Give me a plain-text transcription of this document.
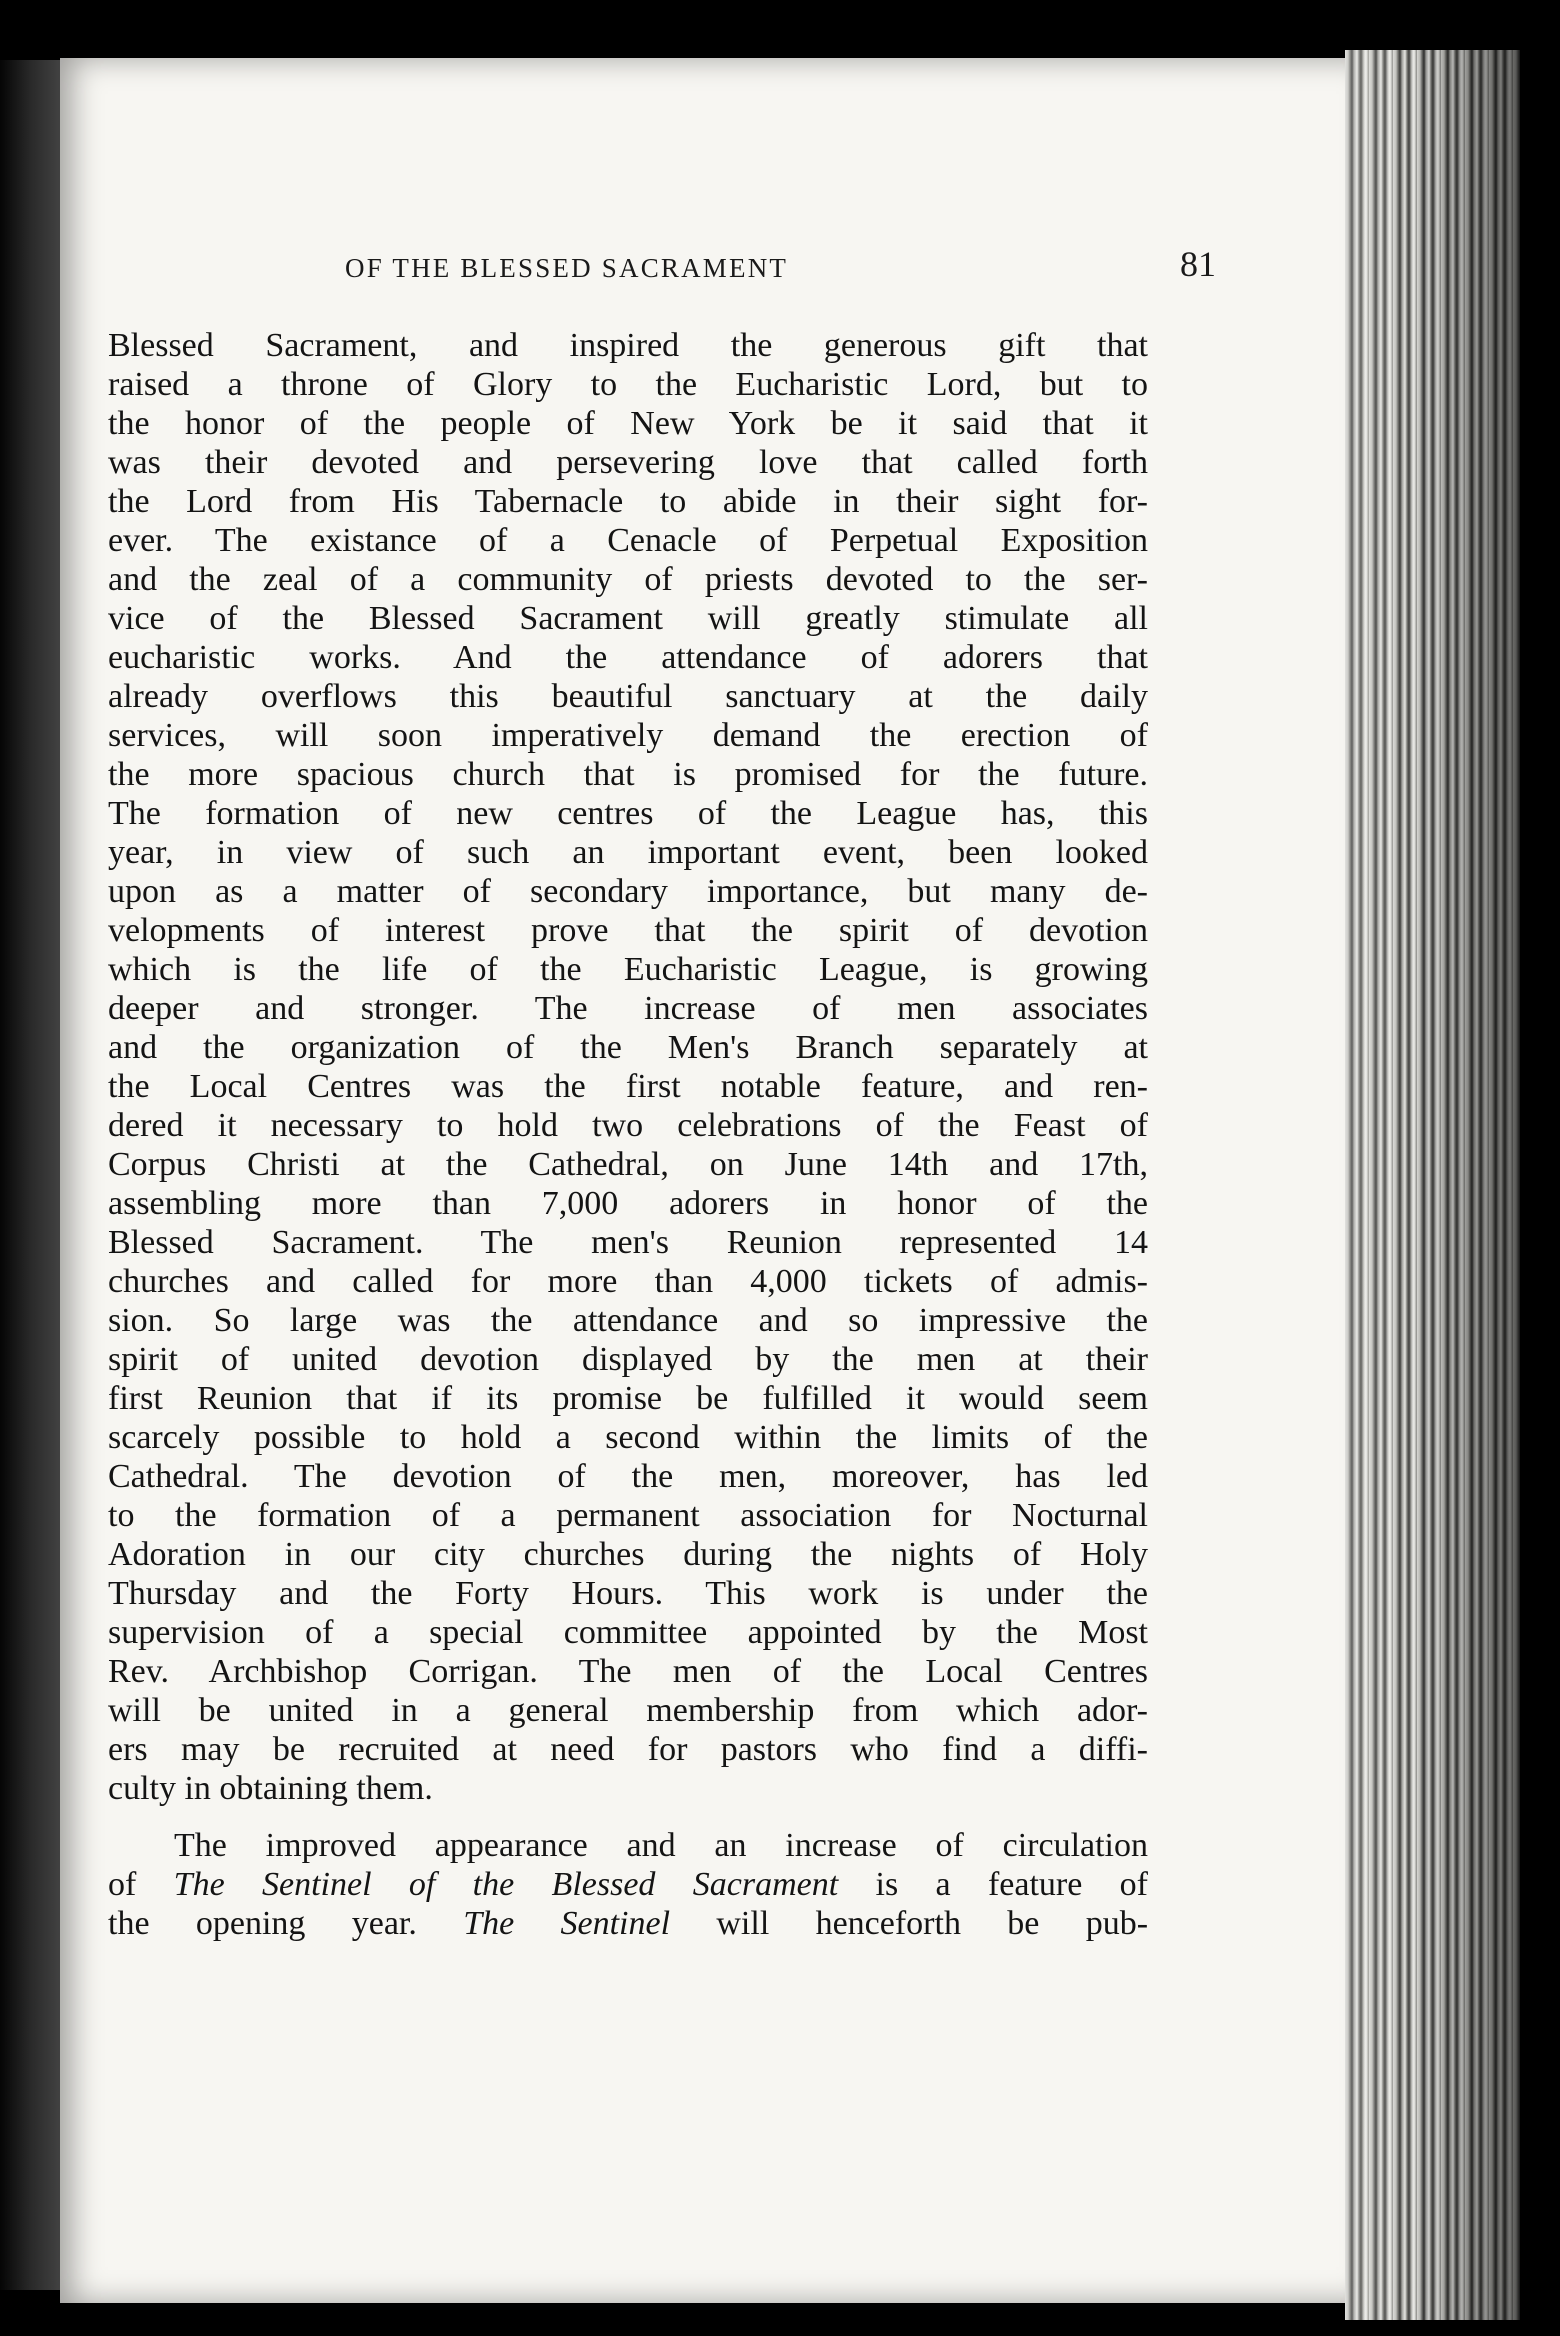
OF THE BLESSED SACRAMENT	81
Blessed Sacrament, and inspired the generous gift that
raised a throne of Glory to the Eucharistic Lord, but to
the honor of the people of New York be it said that it
was their devoted and persevering love that called forth
the Lord from His Tabernacle to abide in their sight for-
ever. The existance of a Cenacle of Perpetual Exposition
and the zeal of a community of priests devoted to the ser-
vice of the Blessed Sacrament will greatly stimulate all
eucharistic works. And the attendance of adorers that
already overflows this beautiful sanctuary at the daily
services, will soon imperatively demand the erection of
the more spacious church that is promised for the future.
The formation of new centres of the League has, this
year, in view of such an important event, been looked
upon as a matter of secondary importance, but many de-
velopments of interest prove that the spirit of devotion
which is the life of the Eucharistic League, is growing
deeper and stronger. The increase of men associates
and the organization of the Men's Branch separately at
the Local Centres was the first notable feature, and ren-
dered it necessary to hold two celebrations of the Feast of
Corpus Christi at the Cathedral, on June 14th and 17th,
assembling more than 7,000 adorers in honor of the
Blessed Sacrament. The men's Reunion represented 14
churches and called for more than 4,000 tickets of admis-
sion. So large was the attendance and so impressive the
spirit of united devotion displayed by the men at their
first Reunion that if its promise be fulfilled it would seem
scarcely possible to hold a second within the limits of the
Cathedral. The devotion of the men, moreover, has led
to the formation of a permanent association for Nocturnal
Adoration in our city churches during the nights of Holy
Thursday and the Forty Hours. This work is under the
supervision of a special committee appointed by the Most
Rev. Archbishop Corrigan. The men of the Local Centres
will be united in a general membership from which ador-
ers may be recruited at need for pastors who find a diffi-
culty in obtaining them.
The improved appearance and an increase of circulation
of The Sentinel of the Blessed Sacrament is a feature of
the opening year. The Sentinel will henceforth be pub-
